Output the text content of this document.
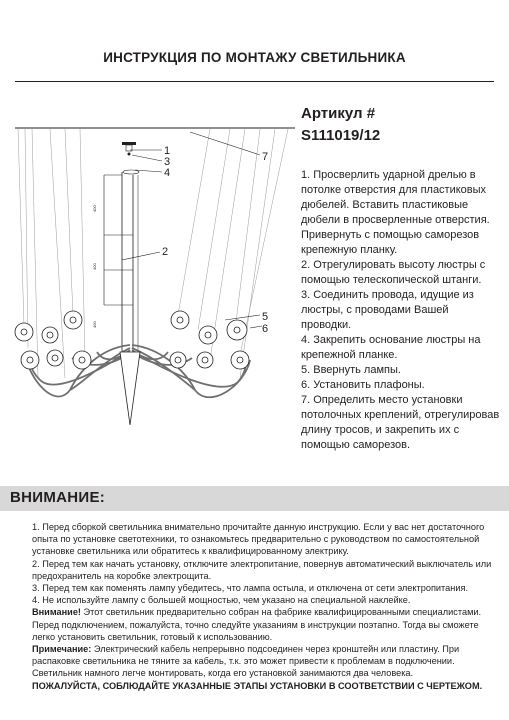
ИНСТРУКЦИЯ ПО МОНТАЖУ СВЕТИЛЬНИКА
Артикул #
S111019/12
400
400
400
1
3
4
2
7
5
6

1. Просверлить ударной дрелью в потолке отверстия для пластиковых дюбелей. Вставить пластиковые дюбели в просверленные отверстия. Привернуть с помощью саморезов крепежную планку.

2. Отрегулировать высоту люстры с помощью телескопической штанги.

3. Соединить провода, идущие из люстры, с проводами Вашей проводки.

4. Закрепить основание люстры на крепежной планке.

5. Ввернуть лампы.

6. Установить плафоны.

7. Определить место установки потолочных креплений, отрегулировав длину тросов, и закрепить их с помощью саморезов.

ВНИМАНИЕ:

1. Перед сборкой светильника внимательно прочитайте данную инструкцию. Если у вас нет достаточного опыта по установке светотехники, то ознакомьтесь предварительно с руководством по самостоятельной установке светильника или обратитесь к квалифицированному электрику.

2. Перед тем как начать установку, отключите электропитание, повернув автоматический выключатель или предохранитель на коробке электрощита.

3. Перед тем как поменять лампу убедитесь, что лампа остыла, и отключена от сети электропитания.

4. Не используйте лампу с большей мощностью, чем указано на специальной наклейке.

Внимание! Этот светильник предварительно собран на фабрике квалифицированными специалистами. Перед подключением, пожалуйста, точно следуйте указаниям в инструкции поэтапно. Тогда вы сможете легко установить светильник, готовый к использованию.

Примечание: Электрический кабель непрерывно подсоединен через кронштейн или пластину. При распаковке светильника не тяните за кабель, т.к. это может привести к проблемам в подключении. Светильник намного легче монтировать, когда его установкой занимаются два человека.

ПОЖАЛУЙСТА, СОБЛЮДАЙТЕ УКАЗАННЫЕ ЭТАПЫ УСТАНОВКИ В СООТВЕТСТВИИ С ЧЕРТЕЖОМ.
